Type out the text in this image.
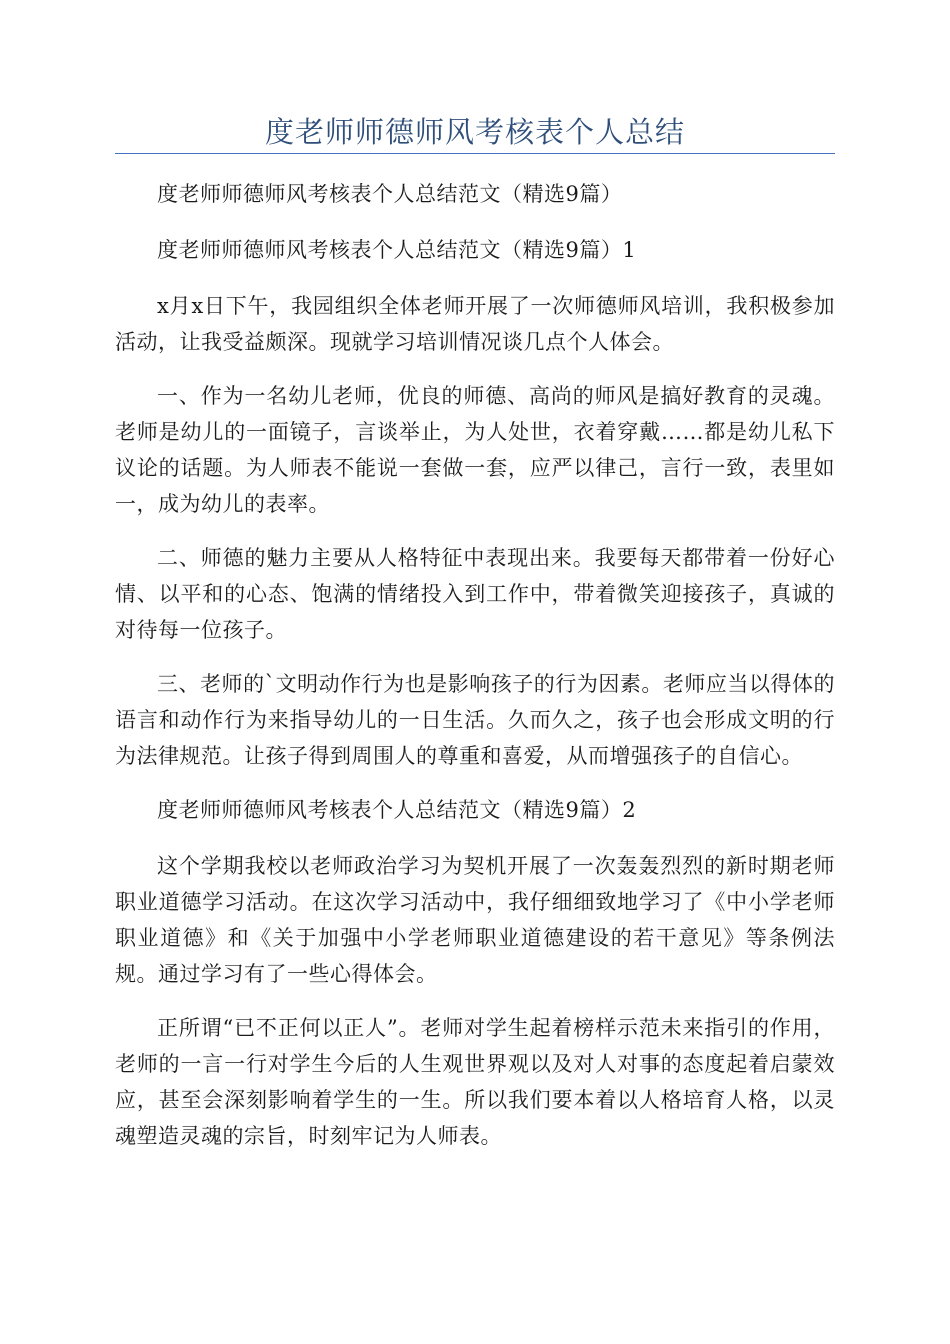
度老师师德师风考核表个人总结

度老师师德师风考核表个人总结范文（精选9篇）

度老师师德师风考核表个人总结范文（精选9篇）1

x月x日下午，我园组织全体老师开展了一次师德师风培训，我积极参加活动，让我受益颇深。现就学习培训情况谈几点个人体会。

一、作为一名幼儿老师，优良的师德、高尚的师风是搞好教育的灵魂。老师是幼儿的一面镜子，言谈举止，为人处世，衣着穿戴……都是幼儿私下议论的话题。为人师表不能说一套做一套，应严以律己，言行一致，表里如一，成为幼儿的表率。

二、师德的魅力主要从人格特征中表现出来。我要每天都带着一份好心情、以平和的心态、饱满的情绪投入到工作中，带着微笑迎接孩子，真诚的对待每一位孩子。

三、老师的`文明动作行为也是影响孩子的行为因素。老师应当以得体的语言和动作行为来指导幼儿的一日生活。久而久之，孩子也会形成文明的行为法律规范。让孩子得到周围人的尊重和喜爱，从而增强孩子的自信心。

度老师师德师风考核表个人总结范文（精选9篇）2

这个学期我校以老师政治学习为契机开展了一次轰轰烈烈的新时期老师职业道德学习活动。在这次学习活动中，我仔细细致地学习了《中小学老师职业道德》和《关于加强中小学老师职业道德建设的若干意见》等条例法规。通过学习有了一些心得体会。

正所谓“已不正何以正人”。老师对学生起着榜样示范未来指引的作用，老师的一言一行对学生今后的人生观世界观以及对人对事的态度起着启蒙效应，甚至会深刻影响着学生的一生。所以我们要本着以人格培育人格，以灵魂塑造灵魂的宗旨，时刻牢记为人师表。
